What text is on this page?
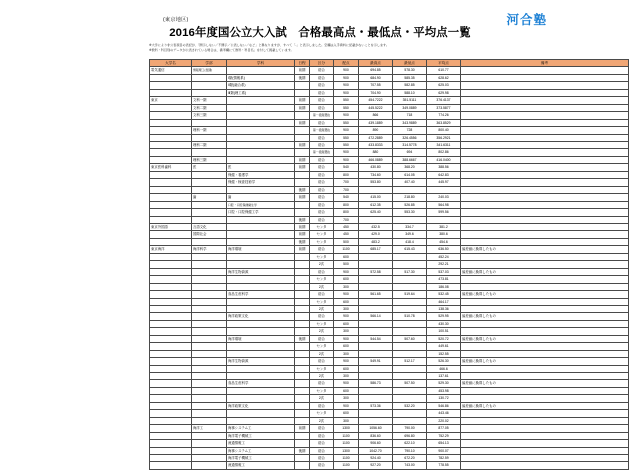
(東京地区)	河合塾
2016年度国公立大入試　合格最高点・最低点・平均点一覧
※大学により非公表項目の表記が、「開示しない／不開示／公表しない／など」と異なりますが、すべて「-」と表示しました。空欄は入手資料に記載がないことを示します。
※教科・科目別のデータが公表されている場合は、備考欄にて教科・科目名」を付して掲載しています。
大学名	学部	学科	日程	区分	配点	最高点	最低点	平均点	備考
電気通信	情報理工(夜間)		前期	総合	900	694.85	578.30	610.77	
		Ⅰ類(情報系)	後期	総合	900	684.90	585.35	628.62	
		Ⅱ類(融合系)		総合	900	707.55	582.85	625.03	
		Ⅲ類(理工系)		総合	900	704.90	588.10	629.98	
東京	文科一類		前期	総合	550	454.7222	351.5111	376.4137	
	文科二類		前期	総合	550	445.5222	349.0889	373.5877	
	文科三類			第一段階選抜	900	866	718	774.26	
			前期	総合	550	439.1889	343.9889	363.8529	
	理科一類			第一段階選抜	900	890	728	800.40	
				総合	550	472.2889	326.4556	356.2921	
	理科二類		前期	総合	550	433.8333	314.5778	341.6311	
				第一段階選抜	900	880	694	802.86	
	理科三類		前期	総合	900	466.0889	388.6667	416.0400	
東京医科歯科	医	医	前期	総合	540	430.80	368.20	388.56	
		保健・看護学		総合	800	734.60	614.05	642.83	
		保健・検査技術学		総合	700	553.80	407.40	445.97	
			後期	総合	700				
	歯	歯	前期	総合	540	415.00	218.80	240.03	
		口腔・口腔保健衛生学		総合	800	612.35	526.85	564.98	
		口腔・口腔保健工学		総合	800	625.40	553.30	599.56	
			後期	総合	700				
東京外国語	言語文化		前期	センタ	450	432.5	334.7	381.2	
	国際社会		前期	センタ	450	429.0	349.6	380.6	
			後期	センタ	500	483.2	418.4	454.6	
東京海洋	海洋科学	海洋環境	前期	総合	1100	685.17	615.43	636.50	偏差値に換算したもの
				センタ	600			452.24	
				2次	500			292.21	
		海洋生物資源		総合	900	572.58	517.30	537.03	偏差値に換算したもの
				センタ	600			473.81	
				2次	300			186.08	
		食品生産科学		総合	900	561.65	519.64	532.45	偏差値に換算したもの
				センタ	600			464.17	
				2次	300			138.36	
		海洋政策文化		総合	900	566.14	510.78	529.95	偏差値に換算したもの
				センタ	600			430.30	
				2次	300			100.51	
		海洋環境	後期	総合	900	544.54	507.60	520.72	偏差値に換算したもの
				センタ	600			449.61	
				2次	300			152.55	
		海洋生物資源		総合	900	549.91	512.17	526.30	偏差値に換算したもの
				センタ	600			466.6	
				2次	300			137.61	
		食品生産科学		総合	900	586.73	507.50	529.30	偏差値に換算したもの
				センタ	600			453.98	
				2次	300			130.72	
		海洋政策文化		総合	900	573.36	532.20	546.86	偏差値に換算したもの
				センタ	600			443.46	
				2次	300			220.02	
	海洋工	海事システム工	前期	総合	1300	1056.60	790.00	877.05	
		海洋電子機械工		総合	1100	836.60	696.80	752.29	
		流通情報工		総合	1100	906.60	622.10	654.13	
		海事システム工	後期	総合	1300	1042.70	790.10	900.07	
		海洋電子機械工		総合	1100	924.40	672.20	782.59	
		流通情報工		総合	1100	927.20	743.00	778.55	
